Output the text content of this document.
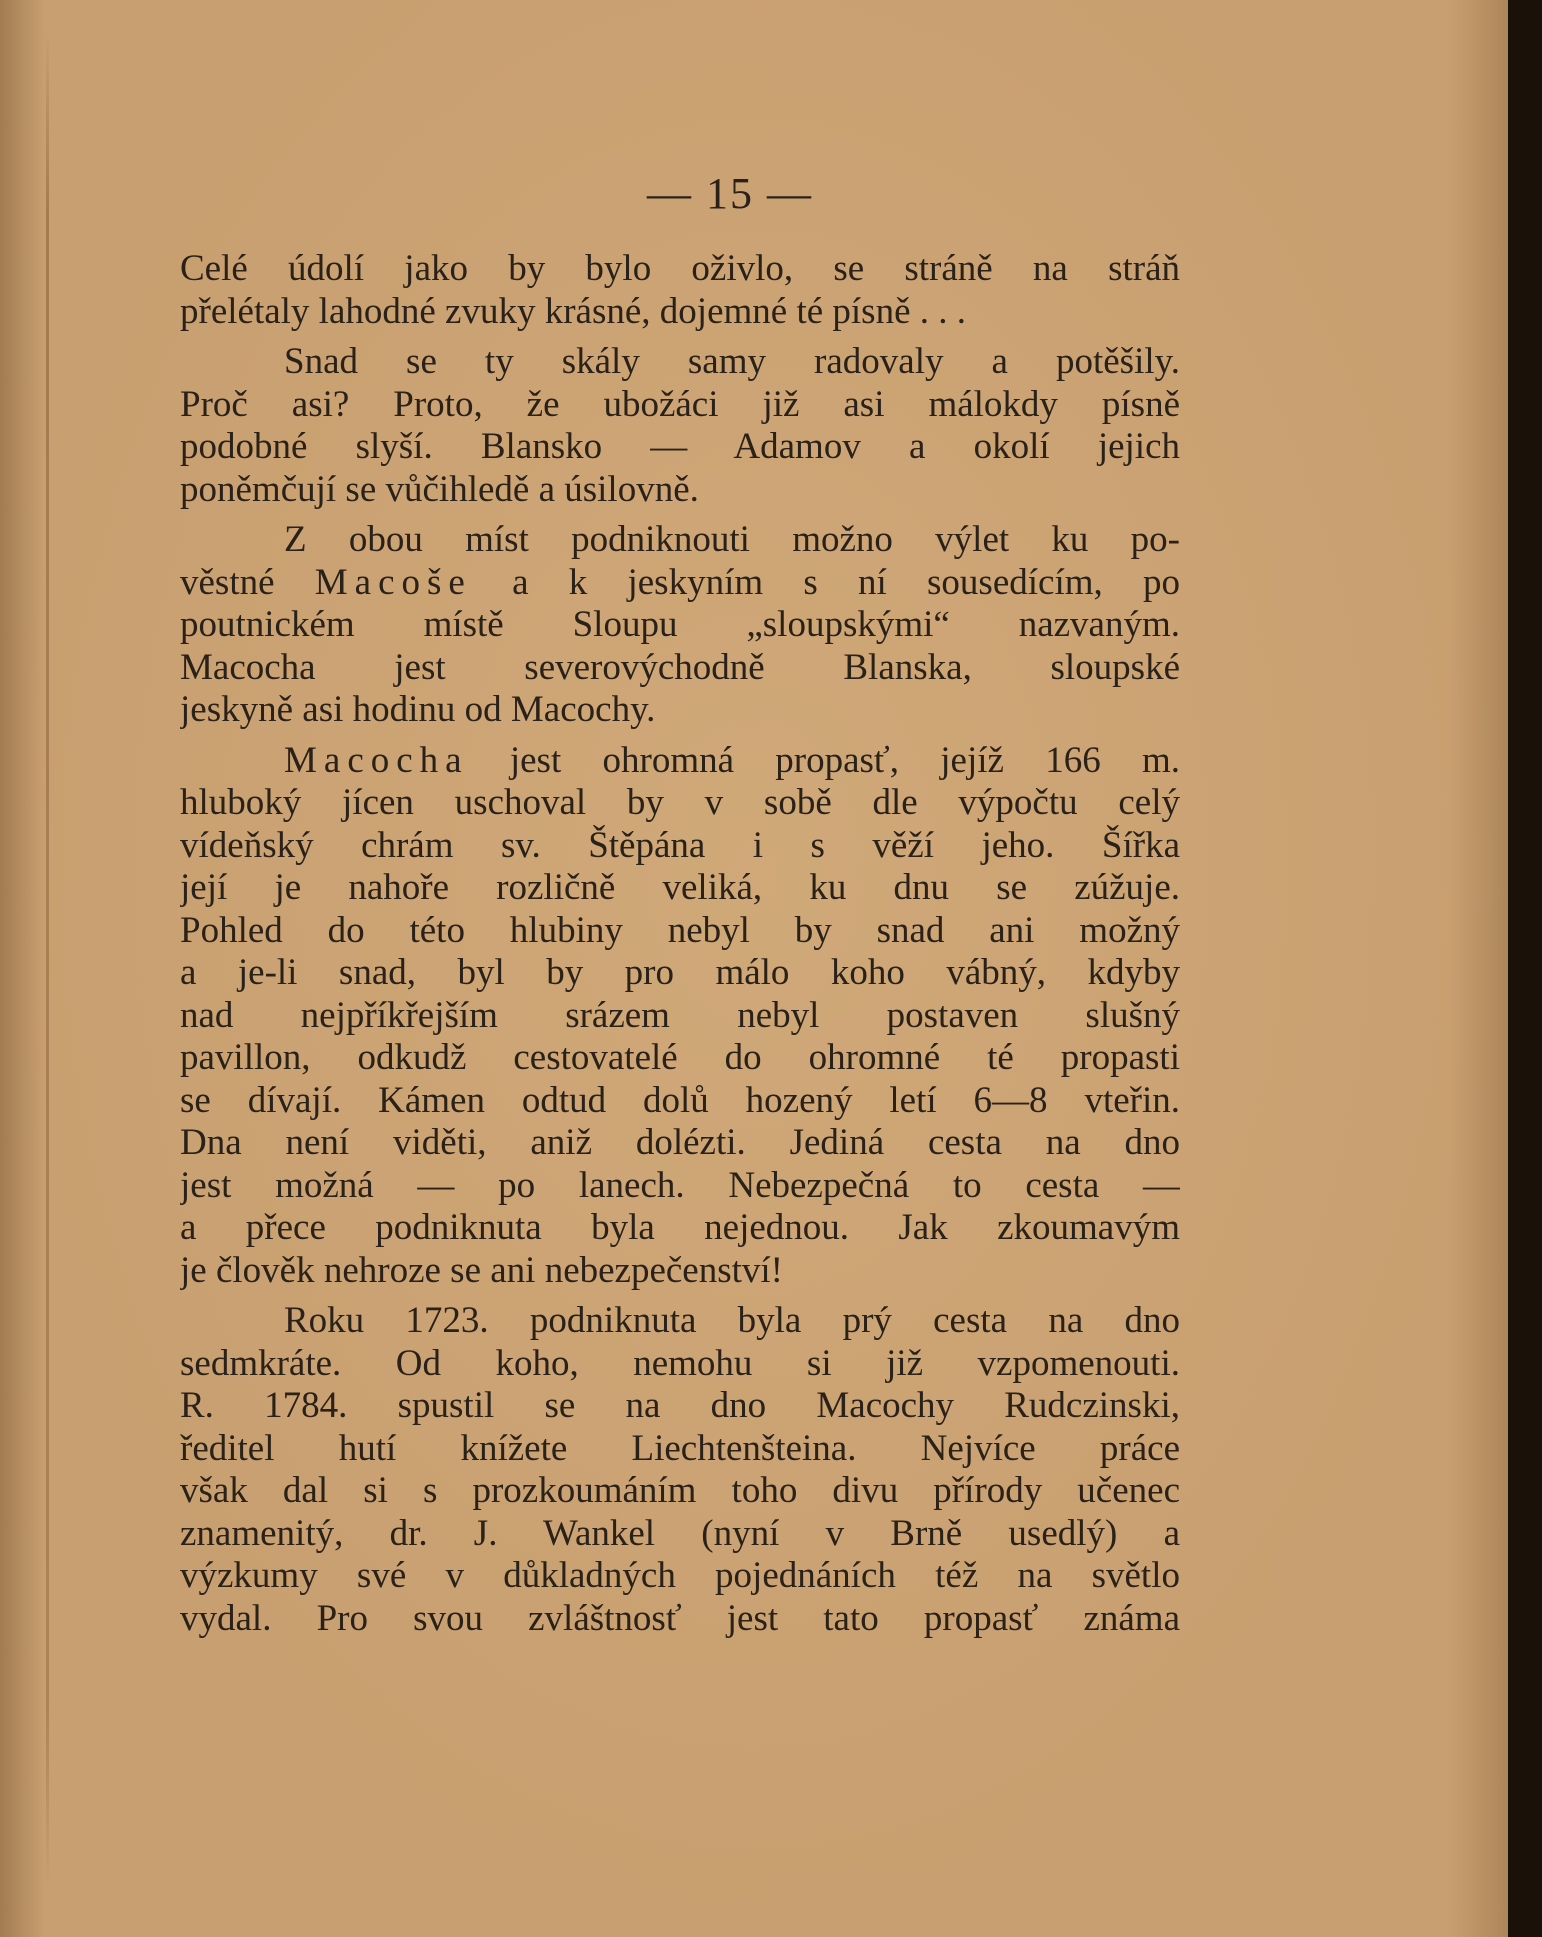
— 15 —

Celé údolí jako by bylo oživlo, se stráně na stráň
přelétaly lahodné zvuky krásné, dojemné té písně . . .

Snad se ty skály samy radovaly a potěšily.
Proč asi? Proto, že ubožáci již asi málokdy písně
podobné slyší. Blansko — Adamov a okolí jejich
poněmčují se vůčihledě a úsilovně.

Z obou míst podniknouti možno výlet ku po-
věstné Macoše a k jeskyním s ní sousedícím, po
poutnickém místě Sloupu „sloupskými“ nazvaným.
Macocha jest severovýchodně Blanska, sloupské
jeskyně asi hodinu od Macochy.

Macocha jest ohromná propasť, jejíž 166 m.
hluboký jícen uschoval by v sobě dle výpočtu celý
vídeňský chrám sv. Štěpána i s věží jeho. Šířka
její je nahoře rozličně veliká, ku dnu se zúžuje.
Pohled do této hlubiny nebyl by snad ani možný
a je-li snad, byl by pro málo koho vábný, kdyby
nad nejpříkřejším srázem nebyl postaven slušný
pavillon, odkudž cestovatelé do ohromné té propasti
se dívají. Kámen odtud dolů hozený letí 6—8 vteřin.
Dna není viděti, aniž dolézti. Jediná cesta na dno
jest možná — po lanech. Nebezpečná to cesta —
a přece podniknuta byla nejednou. Jak zkoumavým
je člověk nehroze se ani nebezpečenství!

Roku 1723. podniknuta byla prý cesta na dno
sedmkráte. Od koho, nemohu si již vzpomenouti.
R. 1784. spustil se na dno Macochy Rudczinski,
ředitel hutí knížete Liechtenšteina. Nejvíce práce
však dal si s prozkoumáním toho divu přírody učenec
znamenitý, dr. J. Wankel (nyní v Brně usedlý) a
výzkumy své v důkladných pojednáních též na světlo
vydal. Pro svou zvláštnosť jest tato propasť známa
